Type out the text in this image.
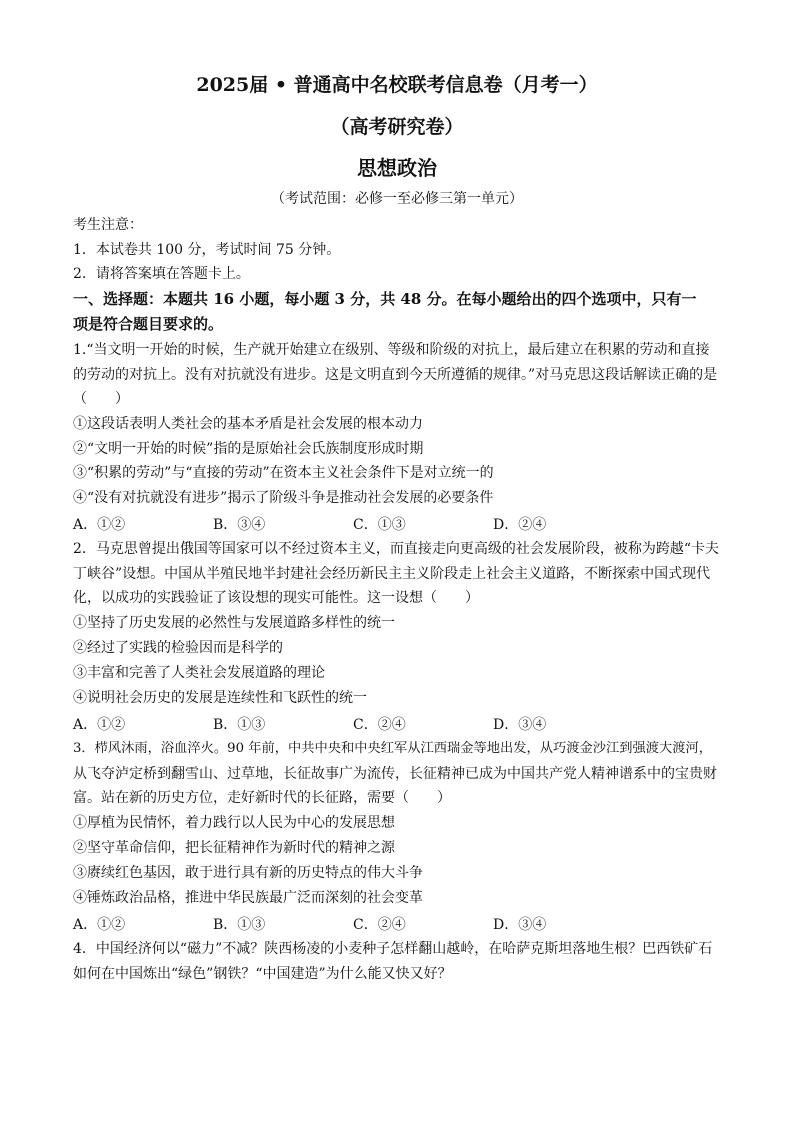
2025届 • 普通高中名校联考信息卷（月考一）
（高考研究卷）
思想政治
（考试范围：必修一至必修三第一单元）
考生注意：
1．本试卷共 100 分，考试时间 75 分钟。
2．请将答案填在答题卡上。
一、选择题：本题共 16 小题，每小题 3 分，共 48 分。在每小题给出的四个选项中，只有一
项是符合题目要求的。
1.“当文明一开始的时候，生产就开始建立在级别、等级和阶级的对抗上，最后建立在积累的劳动和直接
的劳动的对抗上。没有对抗就没有进步。这是文明直到今天所遵循的规律。”对马克思这段话解读正确的是
（　　）
①这段话表明人类社会的基本矛盾是社会发展的根本动力
②“文明一开始的时候”指的是原始社会氏族制度形成时期
③“积累的劳动”与“直接的劳动”在资本主义社会条件下是对立统一的
④“没有对抗就没有进步”揭示了阶级斗争是推动社会发展的必要条件
A．①②	B．③④	C．①③	D．②④
2．马克思曾提出俄国等国家可以不经过资本主义，而直接走向更高级的社会发展阶段，被称为跨越“卡夫
丁峡谷”设想。中国从半殖民地半封建社会经历新民主主义阶段走上社会主义道路，不断探索中国式现代
化，以成功的实践验证了该设想的现实可能性。这一设想（　　）
①坚持了历史发展的必然性与发展道路多样性的统一
②经过了实践的检验因而是科学的
③丰富和完善了人类社会发展道路的理论
④说明社会历史的发展是连续性和飞跃性的统一
A．①②	B．①③	C．②④	D．③④
3．栉风沐雨，浴血淬火。90 年前，中共中央和中央红军从江西瑞金等地出发，从巧渡金沙江到强渡大渡河，
从飞夺泸定桥到翻雪山、过草地，长征故事广为流传，长征精神已成为中国共产党人精神谱系中的宝贵财
富。站在新的历史方位，走好新时代的长征路，需要（　　）
①厚植为民情怀，着力践行以人民为中心的发展思想
②坚守革命信仰，把长征精神作为新时代的精神之源
③赓续红色基因，敢于进行具有新的历史特点的伟大斗争
④锤炼政治品格，推进中华民族最广泛而深刻的社会变革
A．①②	B．①③	C．②④	D．③④
4．中国经济何以“磁力”不减？陕西杨凌的小麦种子怎样翻山越岭，在哈萨克斯坦落地生根？巴西铁矿石
如何在中国炼出“绿色”钢铁？“中国建造”为什么能又快又好？
